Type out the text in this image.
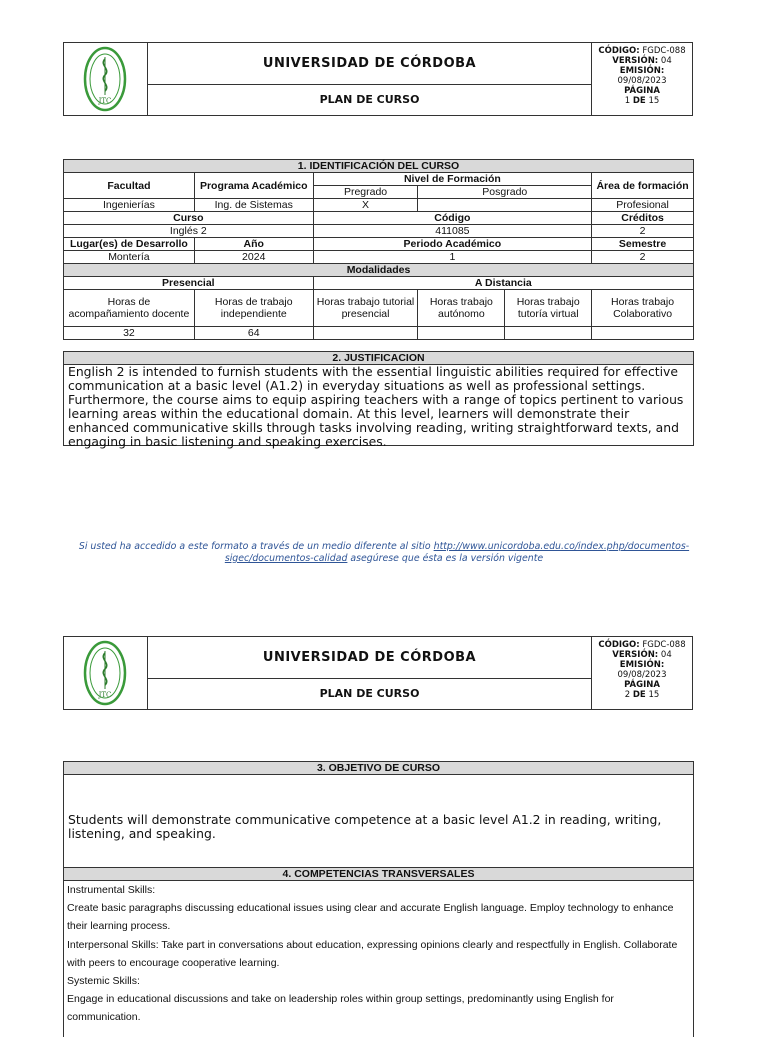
JTC
UNIVERSIDAD DE CÓRDOBA
PLAN DE CURSO
CÓDIGO: FGDC-088
VERSIÓN: 04
EMISIÓN:
09/08/2023
PÁGINA
1 DE 15
1. IDENTIFICACIÓN DEL CURSO					
Facultad	Programa Académico	Nivel de Formación			Área de formación
		Pregrado	Posgrado		
Ingenierías	Ing. de Sistemas	X			Profesional
Curso		Código			Créditos
Inglés 2		411085			2
Lugar(es) de Desarrollo	Año	Periodo Académico			Semestre
Montería	2024	1			2
Modalidades					
Presencial		A Distancia			
Horas de acompañamiento docente	Horas de trabajo independiente	Horas trabajo tutorial presencial	Horas trabajo autónomo	Horas trabajo tutoría virtual	Horas trabajo Colaborativo
32	64				
2. JUSTIFICACION
English 2 is intended to furnish students with the essential linguistic abilities required for effective communication at a basic level (A1.2) in everyday situations as well as professional settings. Furthermore, the course aims to equip aspiring teachers with a range of topics pertinent to various learning areas within the educational domain. At this level, learners will demonstrate their enhanced communicative skills through tasks involving reading, writing straightforward texts, and engaging in basic listening and speaking exercises.
Si usted ha accedido a este formato a través de un medio diferente al sitio http://www.unicordoba.edu.co/index.php/documentos-sigec/documentos-calidad asegúrese que ésta es la versión vigente
JTC
UNIVERSIDAD DE CÓRDOBA
PLAN DE CURSO
CÓDIGO: FGDC-088
VERSIÓN: 04
EMISIÓN:
09/08/2023
PÁGINA
2 DE 15
3. OBJETIVO DE CURSO
Students will demonstrate communicative competence at a basic level A1.2 in reading, writing, listening, and speaking.
4. COMPETENCIAS TRANSVERSALES
Instrumental Skills:
Create basic paragraphs discussing educational issues using clear and accurate English language. Employ technology to enhance their learning process.
Interpersonal Skills: Take part in conversations about education, expressing opinions clearly and respectfully in English. Collaborate with peers to encourage cooperative learning.
Systemic Skills:
Engage in educational discussions and take on leadership roles within group settings, predominantly using English for communication.
